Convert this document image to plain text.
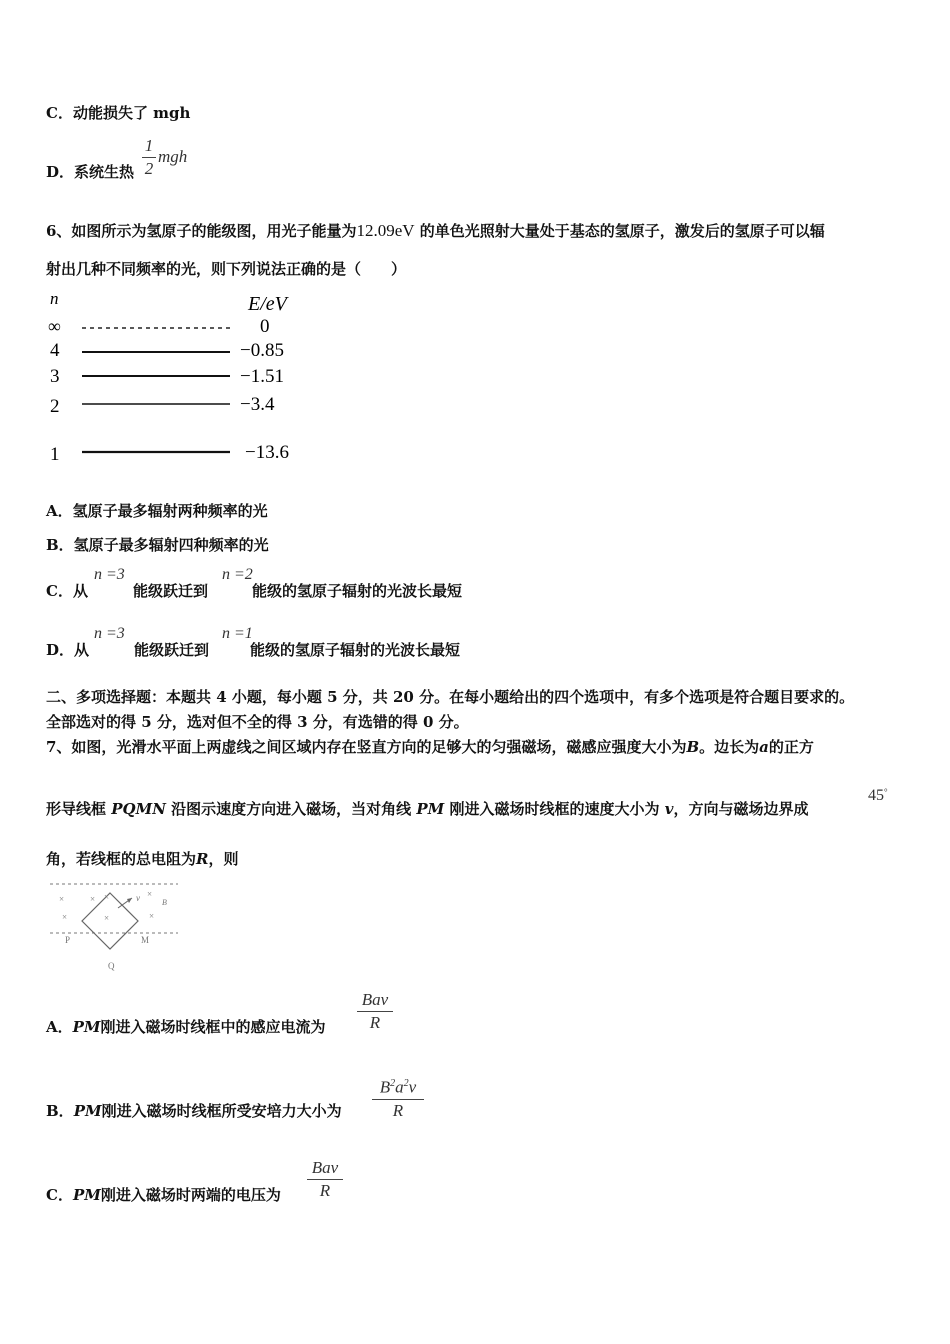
C．动能损失了 mgh
D．系统生热
1
2
mgh
6、如图所示为氢原子的能级图，用光子能量为12.09eV 的单色光照射大量处于基态的氢原子，激发后的氢原子可以辐
射出几种不同频率的光，则下列说法正确的是（　　）
n	E/eV
∞	0
4	−0.85
3	−1.51
2	−3.4
1	−13.6
A．氢原子最多辐射两种频率的光
B．氢原子最多辐射四种频率的光
C．从	能级跃迁到	能级的氢原子辐射的光波长最短
n =3	n =2
D．从	能级跃迁到	能级的氢原子辐射的光波长最短
n =3	n =1
二、多项选择题：本题共 4 小题，每小题 5 分，共 20 分。在每小题给出的四个选项中，有多个选项是符合题目要求的。
全部选对的得 5 分，选对但不全的得 3 分，有选错的得 0 分。
7、如图，光滑水平面上两虚线之间区域内存在竖直方向的足够大的匀强磁场，磁感应强度大小为B。边长为a的正方
形导线框 PQMN 沿图示速度方向进入磁场，当对角线 PM 刚进入磁场时线框的速度大小为 v，方向与磁场边界成
45°
角，若线框的总电阻为R，则
×
×
× ×
×
×
×
v	B
P	M
Q
A．PM刚进入磁场时线框中的感应电流为
Bav
R
B．PM刚进入磁场时线框所受安培力大小为
$B^2a^2v$
R
C．PM刚进入磁场时两端的电压为
Bav
R
